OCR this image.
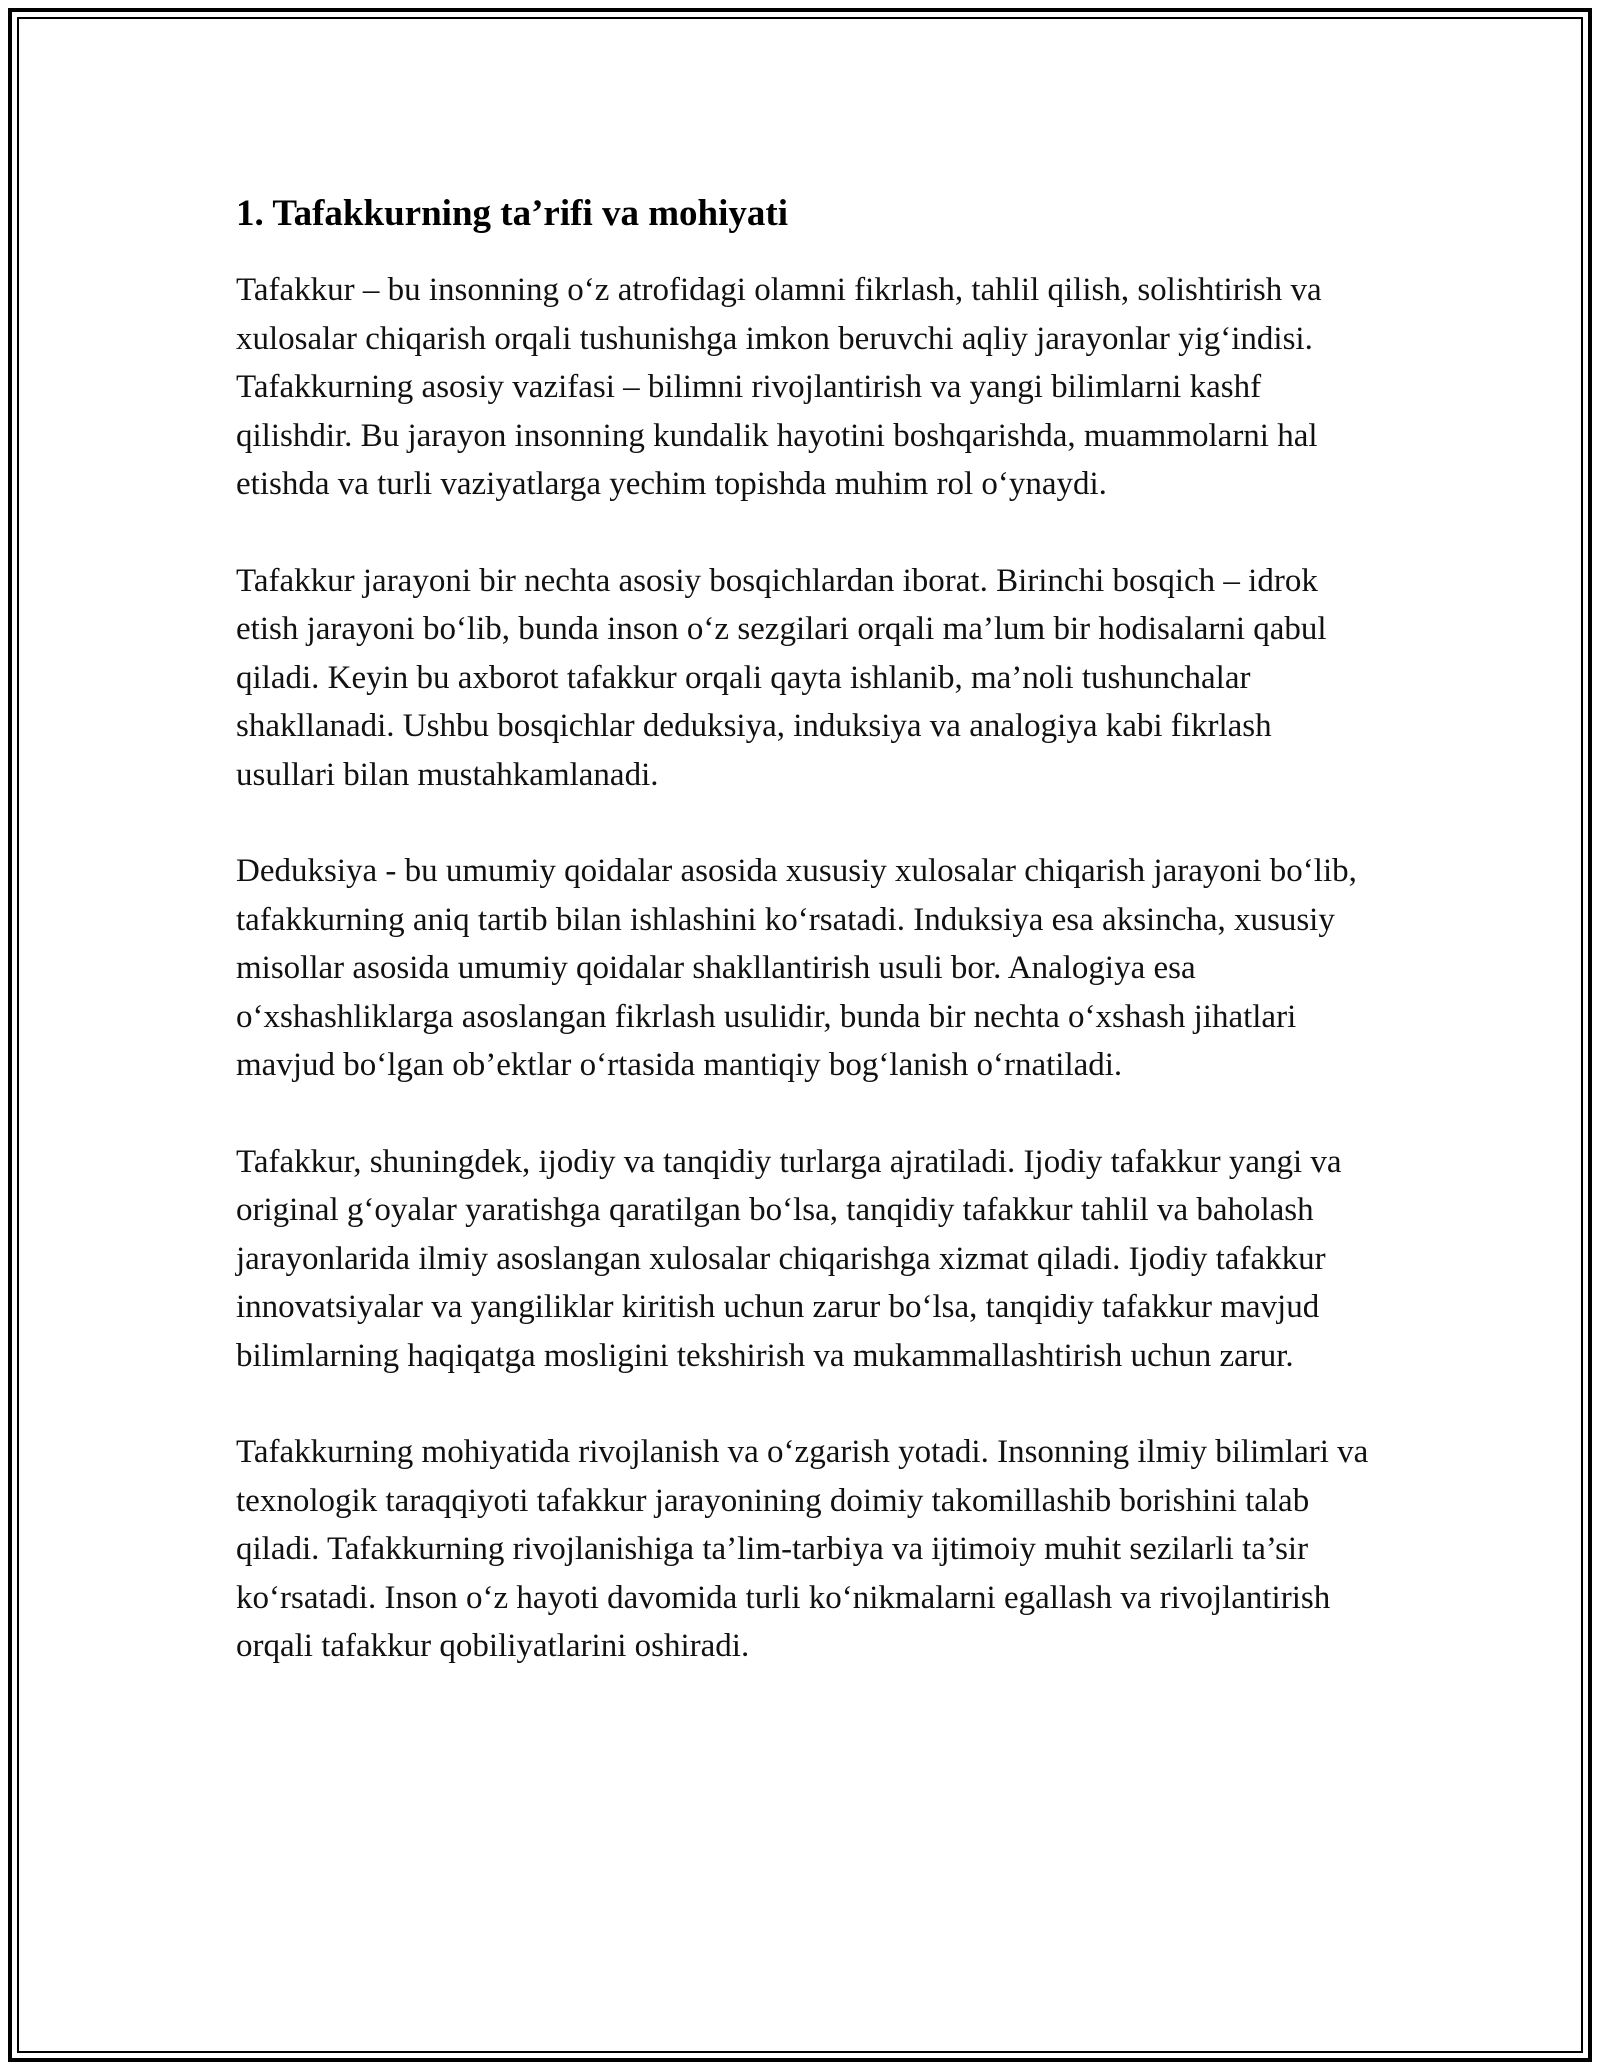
1. Tafakkurning ta’rifi va mohiyati

Tafakkur – bu insonning o‘z atrofidagi olamni fikrlash, tahlil qilish, solishtirish va xulosalar chiqarish orqali tushunishga imkon beruvchi aqliy jarayonlar yig‘indisi. Tafakkurning asosiy vazifasi – bilimni rivojlantirish va yangi bilimlarni kashf qilishdir. Bu jarayon insonning kundalik hayotini boshqarishda, muammolarni hal etishda va turli vaziyatlarga yechim topishda muhim rol o‘ynaydi.

Tafakkur jarayoni bir nechta asosiy bosqichlardan iborat. Birinchi bosqich – idrok etish jarayoni bo‘lib, bunda inson o‘z sezgilari orqali ma’lum bir hodisalarni qabul qiladi. Keyin bu axborot tafakkur orqali qayta ishlanib, ma’noli tushunchalar shakllanadi. Ushbu bosqichlar deduksiya, induksiya va analogiya kabi fikrlash usullari bilan mustahkamlanadi.

Deduksiya - bu umumiy qoidalar asosida xususiy xulosalar chiqarish jarayoni bo‘lib, tafakkurning aniq tartib bilan ishlashini ko‘rsatadi. Induksiya esa aksincha, xususiy misollar asosida umumiy qoidalar shakllantirish usuli bor. Analogiya esa o‘xshashliklarga asoslangan fikrlash usulidir, bunda bir nechta o‘xshash jihatlari mavjud bo‘lgan ob’ektlar o‘rtasida mantiqiy bog‘lanish o‘rnatiladi.

Tafakkur, shuningdek, ijodiy va tanqidiy turlarga ajratiladi. Ijodiy tafakkur yangi va original g‘oyalar yaratishga qaratilgan bo‘lsa, tanqidiy tafakkur tahlil va baholash jarayonlarida ilmiy asoslangan xulosalar chiqarishga xizmat qiladi. Ijodiy tafakkur innovatsiyalar va yangiliklar kiritish uchun zarur bo‘lsa, tanqidiy tafakkur mavjud bilimlarning haqiqatga mosligini tekshirish va mukammallashtirish uchun zarur.

Tafakkurning mohiyatida rivojlanish va o‘zgarish yotadi. Insonning ilmiy bilimlari va texnologik taraqqiyoti tafakkur jarayonining doimiy takomillashib borishini talab qiladi. Tafakkurning rivojlanishiga ta’lim-tarbiya va ijtimoiy muhit sezilarli ta’sir ko‘rsatadi. Inson o‘z hayoti davomida turli ko‘nikmalarni egallash va rivojlantirish orqali tafakkur qobiliyatlarini oshiradi.
